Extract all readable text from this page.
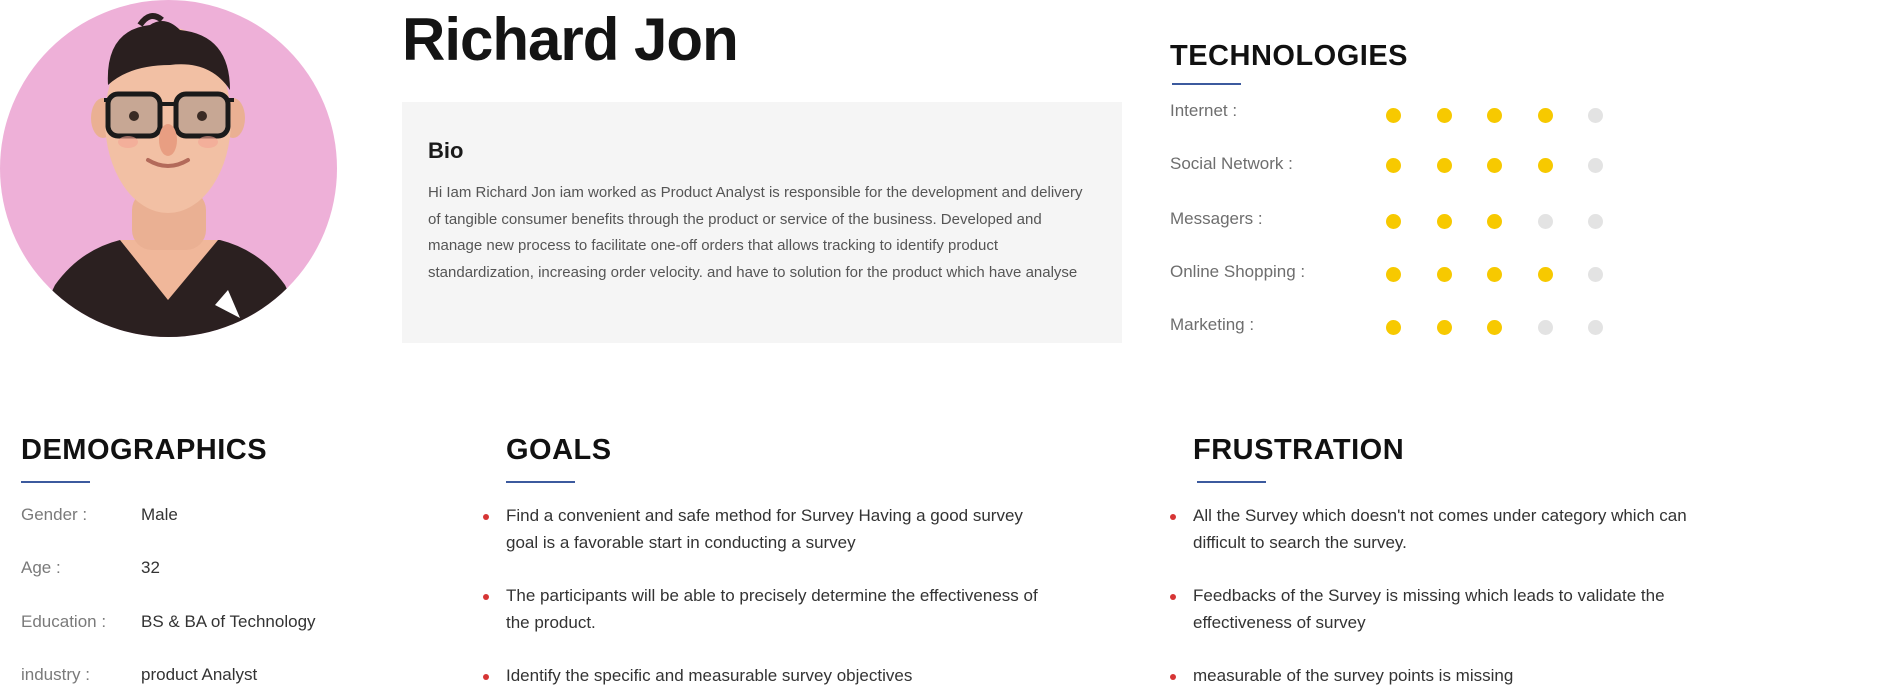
Richard Jon
Bio
Hi Iam Richard Jon iam worked as Product Analyst is responsible for the development and delivery of tangible consumer benefits through the product or service of the business. Developed and manage new process to facilitate one-off orders that allows tracking to identify product standardization, increasing order velocity. and have to solution for the product which have analyse
TECHNOLOGIES
Internet :
Social Network :
Messagers :
Online Shopping :
Marketing :
DEMOGRAPHICS
Gender :	Male
Age :	32
Education : BS & BA of Technology
industry :	product Analyst
GOALS
Find a convenient and safe method for Survey Having a good survey goal is a favorable start in conducting a survey
The participants will be able to precisely determine the effectiveness of the product.
Identify the specific and measurable survey objectives
FRUSTRATION
All the Survey which doesn't not comes under category which can difficult to search the survey.
Feedbacks of the Survey is missing which leads to validate the effectiveness of survey
measurable of the survey points is missing
